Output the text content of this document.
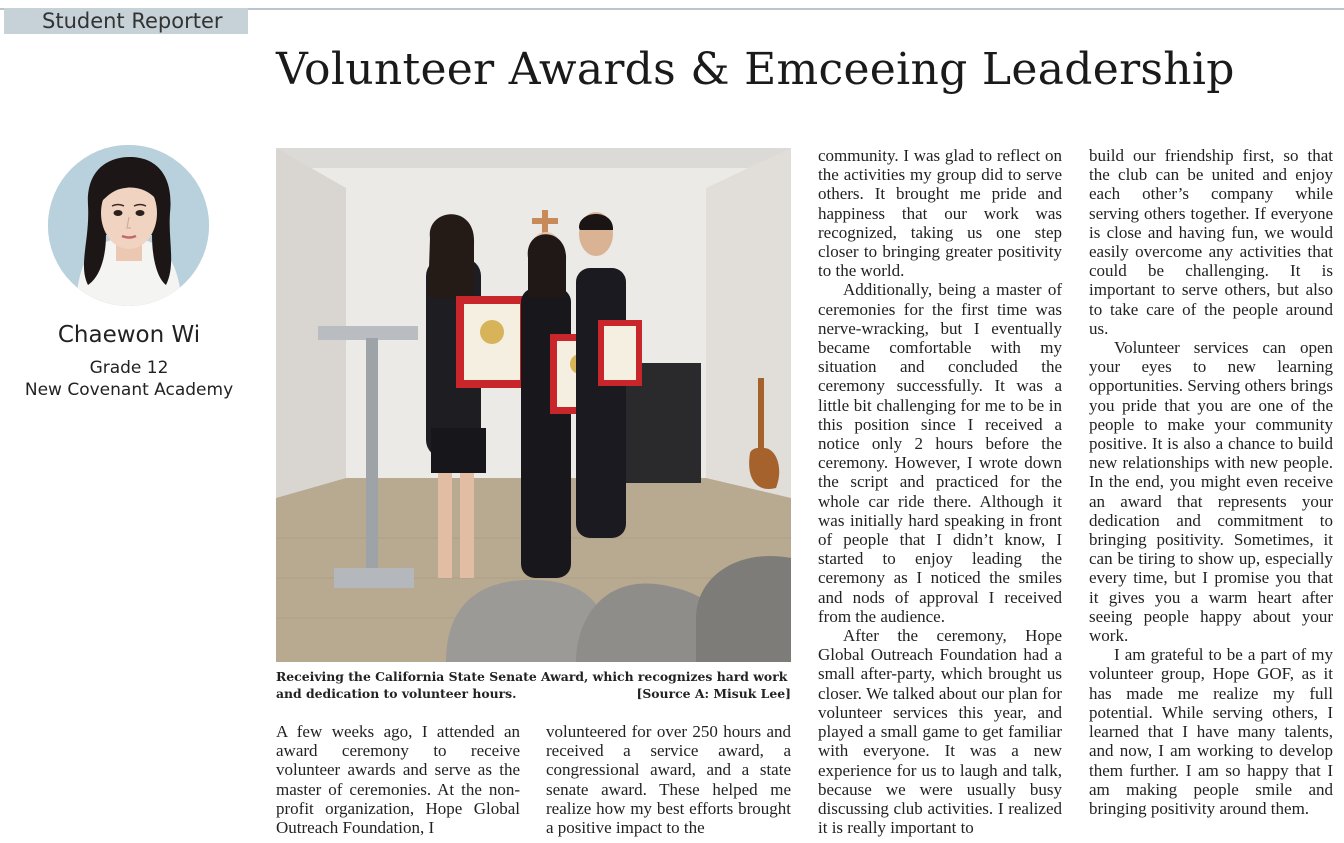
Student Reporter
Volunteer Awards & Emceeing Leadership
Chaewon Wi
Grade 12
New Covenant Academy
Receiving the California State Senate Award, which recognizes hard work
and dedication to volunteer hours.	[Source A: Misuk Lee]

A few weeks ago, I attended an award ceremony to receive volunteer awards and serve as the master of ceremonies. At the non-profit organization, Hope Global Outreach Foundation, I

volunteered for over 250 hours and received a service award, a congressional award, and a state senate award. These helped me realize how my best efforts brought a positive impact to the

community. I was glad to reflect on the activities my group did to serve others. It brought me pride and happiness that our work was recognized, taking us one step closer to bringing greater positivity to the world.

Additionally, being a master of ceremonies for the first time was nerve-wracking, but I eventually became comfortable with my situation and concluded the ceremony successfully. It was a little bit challenging for me to be in this position since I received a notice only 2 hours before the ceremony. However, I wrote down the script and practiced for the whole car ride there. Although it was initially hard speaking in front of people that I didn’t know, I started to enjoy leading the ceremony as I noticed the smiles and nods of approval I received from the audience.

After the ceremony, Hope Global Outreach Foundation had a small after-party, which brought us closer. We talked about our plan for volunteer services this year, and played a small game to get familiar with everyone. It was a new experience for us to laugh and talk, because we were usually busy discussing club activities. I realized it is really important to

build our friendship first, so that the club can be united and enjoy each other’s company while serving others together. If everyone is close and having fun, we would easily overcome any activities that could be challenging. It is important to serve others, but also to take care of the people around us.

Volunteer services can open your eyes to new learning opportunities. Serving others brings you pride that you are one of the people to make your community positive. It is also a chance to build new relationships with new people. In the end, you might even receive an award that represents your dedication and commitment to bringing positivity. Sometimes, it can be tiring to show up, especially every time, but I promise you that it gives you a warm heart after seeing people happy about your work.

I am grateful to be a part of my volunteer group, Hope GOF, as it has made me realize my full potential. While serving others, I learned that I have many talents, and now, I am working to develop them further. I am so happy that I am making people smile and bringing positivity around them.
